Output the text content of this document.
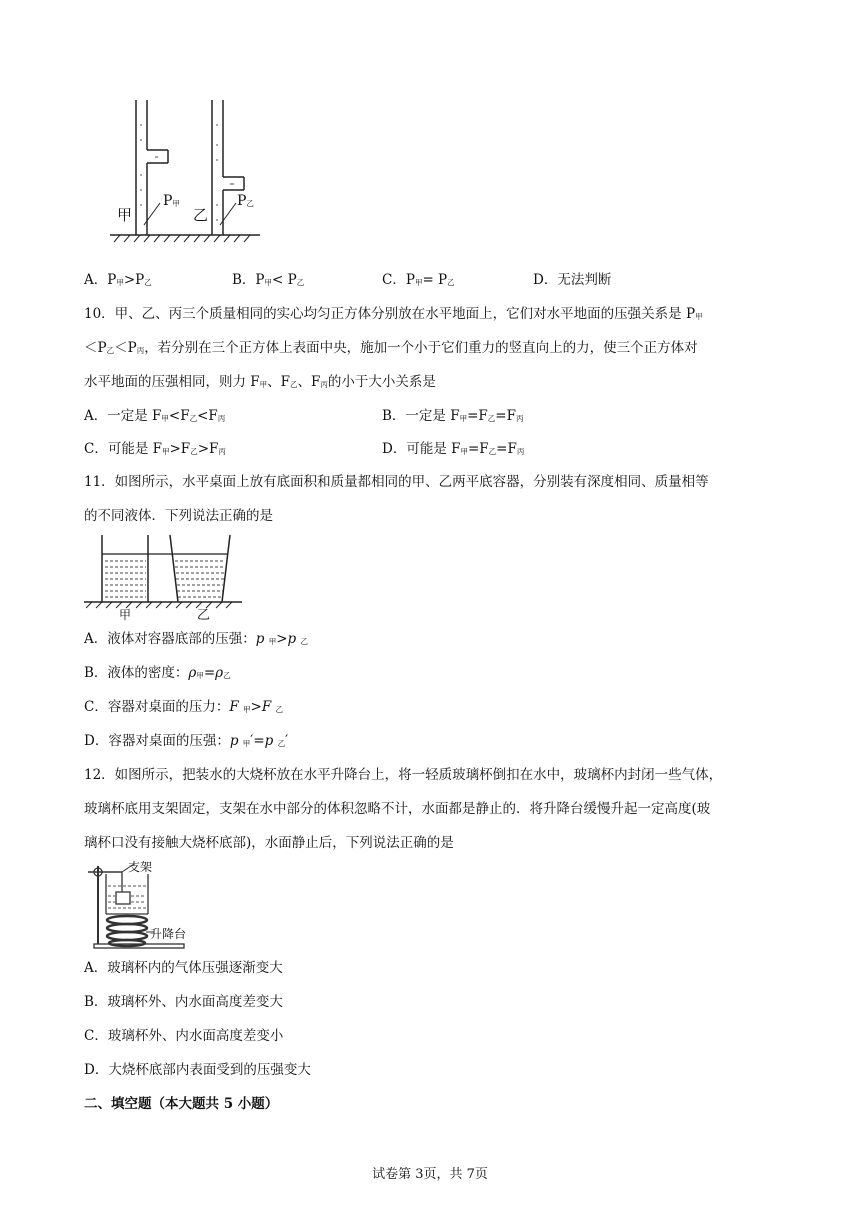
甲
P甲
乙
P乙
A．P甲>P乙	B．P甲< P乙	C．P甲= P乙	D．无法判断
10．甲、乙、丙三个质量相同的实心均匀正方体分别放在水平地面上，它们对水平地面的压强关系是 P甲
＜P乙＜P丙，若分别在三个正方体上表面中央，施加一个小于它们重力的竖直向上的力，使三个正方体对
水平地面的压强相同，则力 F甲、F乙、F丙的小于大小关系是
A．一定是 F甲<F乙<F丙	B．一定是 F甲=F乙=F丙
C．可能是 F甲>F乙>F丙	D．可能是 F甲=F乙=F丙
11．如图所示，水平桌面上放有底面积和质量都相同的甲、乙两平底容器，分别装有深度相同、质量相等
的不同液体．下列说法正确的是
甲	乙
A．液体对容器底部的压强：p 甲>p 乙
B．液体的密度：ρ甲=ρ乙
C．容器对桌面的压力：F 甲>F 乙
D．容器对桌面的压强：p 甲′=p 乙′
12．如图所示，把装水的大烧杯放在水平升降台上，将一轻质玻璃杯倒扣在水中，玻璃杯内封闭一些气体，
玻璃杯底用支架固定，支架在水中部分的体积忽略不计，水面都是静止的．将升降台缓慢升起一定高度(玻
璃杯口没有接触大烧杯底部)，水面静止后，下列说法正确的是
支架
升降台
A．玻璃杯内的气体压强逐渐变大
B．玻璃杯外、内水面高度差变大
C．玻璃杯外、内水面高度差变小
D．大烧杯底部内表面受到的压强变大
二、填空题（本大题共 5 小题）
试卷第 3页，共 7页
